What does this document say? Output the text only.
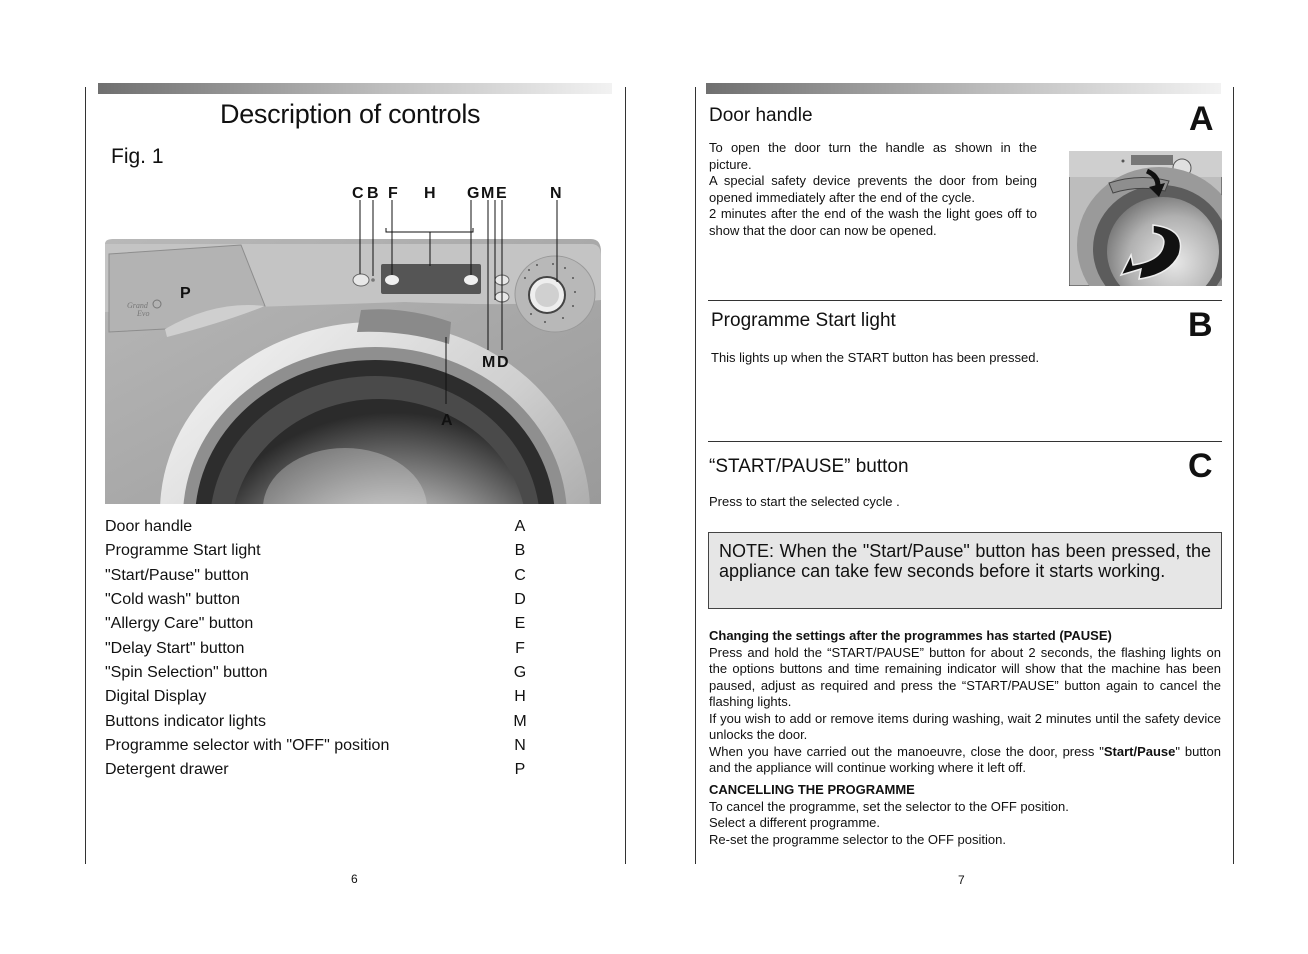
Description of controls
Fig. 1
Grand
Evo
C B F H G M E	N
P
M D
A
Door handle	A
Programme Start light	B
"Start/Pause" button	C
"Cold wash" button	D
"Allergy Care" button	E
"Delay Start" button	F
"Spin Selection" button	G
Digital Display	H
Buttons indicator lights	M
Programme selector with "OFF" position	N
Detergent drawer	P
6
Door handle	A
To open the door turn the handle as shown in the picture.
A special safety device prevents the door from being opened immediately after the end of the cycle.
2 minutes after the end of the wash the light goes off to show that the door can now be opened.
Programme Start light	B
This lights up when the START button has been pressed.
“START/PAUSE” button	C
Press to start the selected cycle .
NOTE: When the "Start/Pause" button has been pressed, the appliance can take few seconds before it starts working.
Changing the settings after the programmes has started (PAUSE)
Press and hold the “START/PAUSE” button for about 2 seconds, the flashing lights on the options buttons and time remaining indicator will show that the machine has been paused, adjust as required and press the “START/PAUSE” button again to cancel the flashing lights.
If you wish to add or remove items during washing, wait 2 minutes until the safety device unlocks the door.
When you have carried out the manoeuvre, close the door, press "Start/Pause" button and the appliance will continue working where it left off.
CANCELLING THE PROGRAMME
To cancel the programme, set the selector to the OFF position.
Select a different programme.
Re-set the programme selector to the OFF position.
7
